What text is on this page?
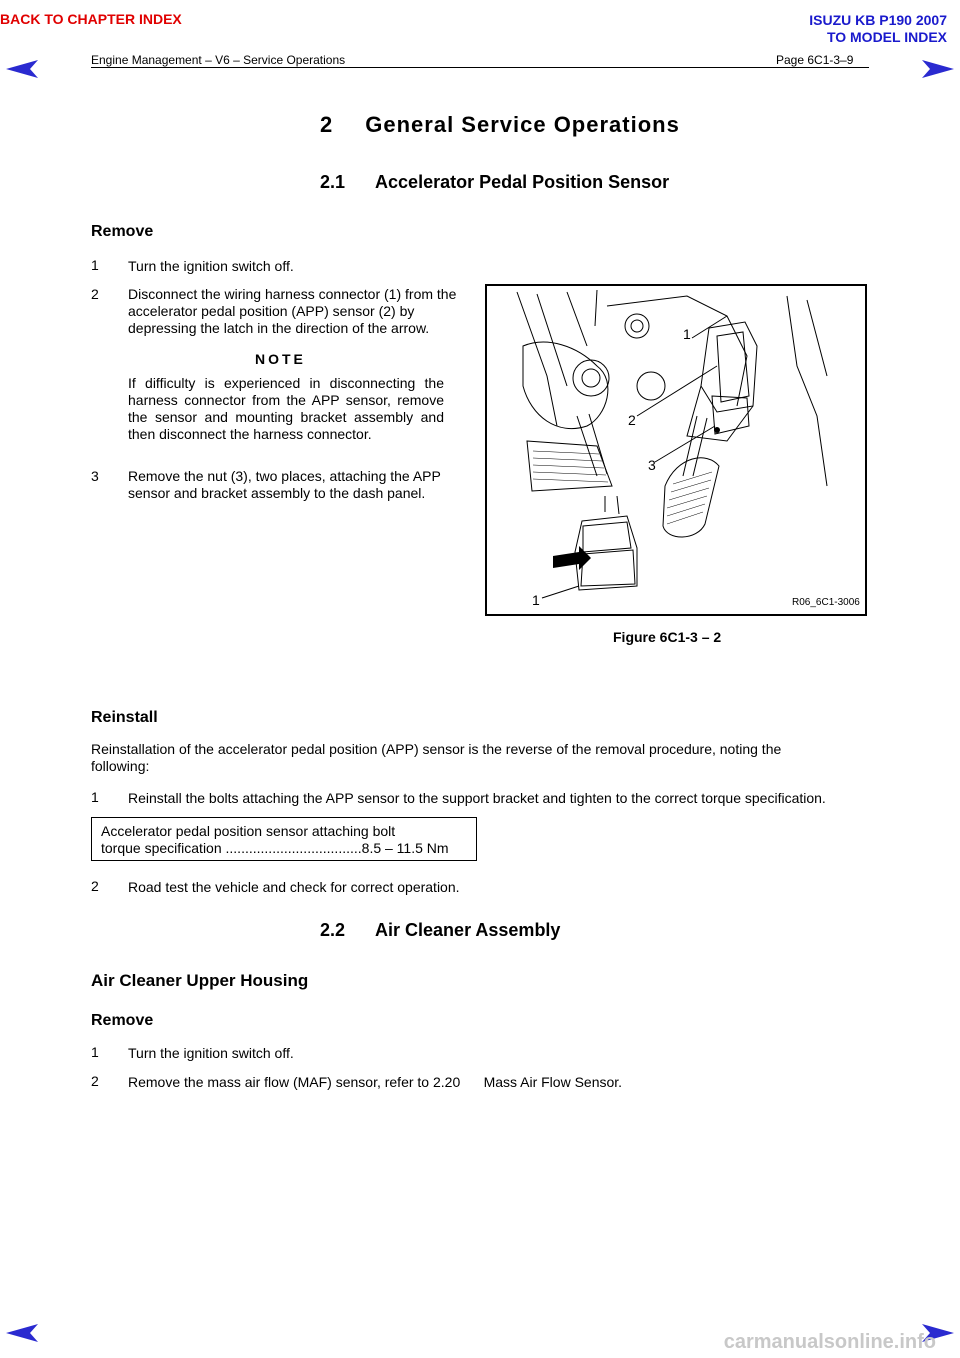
BACK TO CHAPTER INDEX	ISUZU KB P190 2007
TO MODEL INDEX
Engine Management – V6 – Service Operations	Page 6C1-3–9
2 General Service Operations
2.1 Accelerator Pedal Position Sensor
Remove
1 Turn the ignition switch off.
2 Disconnect the wiring harness connector (1) from the accelerator pedal position (APP) sensor (2) by depressing the latch in the direction of the arrow.
NOTE
If difficulty is experienced in disconnecting the harness connector from the APP sensor, remove the sensor and mounting bracket assembly and then disconnect the harness connector.
3 Remove the nut (3), two places, attaching the APP sensor and bracket assembly to the dash panel.
1
2
3
1	R06_6C1-3006
Figure 6C1-3 – 2
Reinstall
Reinstallation of the accelerator pedal position (APP) sensor is the reverse of the removal procedure, noting the following:
1 Reinstall the bolts attaching the APP sensor to the support bracket and tighten to the correct torque specification.
Accelerator pedal position sensor attaching bolt
torque specification ...................................8.5 – 11.5 Nm
2 Road test the vehicle and check for correct operation.
2.2 Air Cleaner Assembly
Air Cleaner Upper Housing
Remove
1 Turn the ignition switch off.
2 Remove the mass air flow (MAF) sensor, refer to 2.20      Mass Air Flow Sensor.
carmanualsonline.info
